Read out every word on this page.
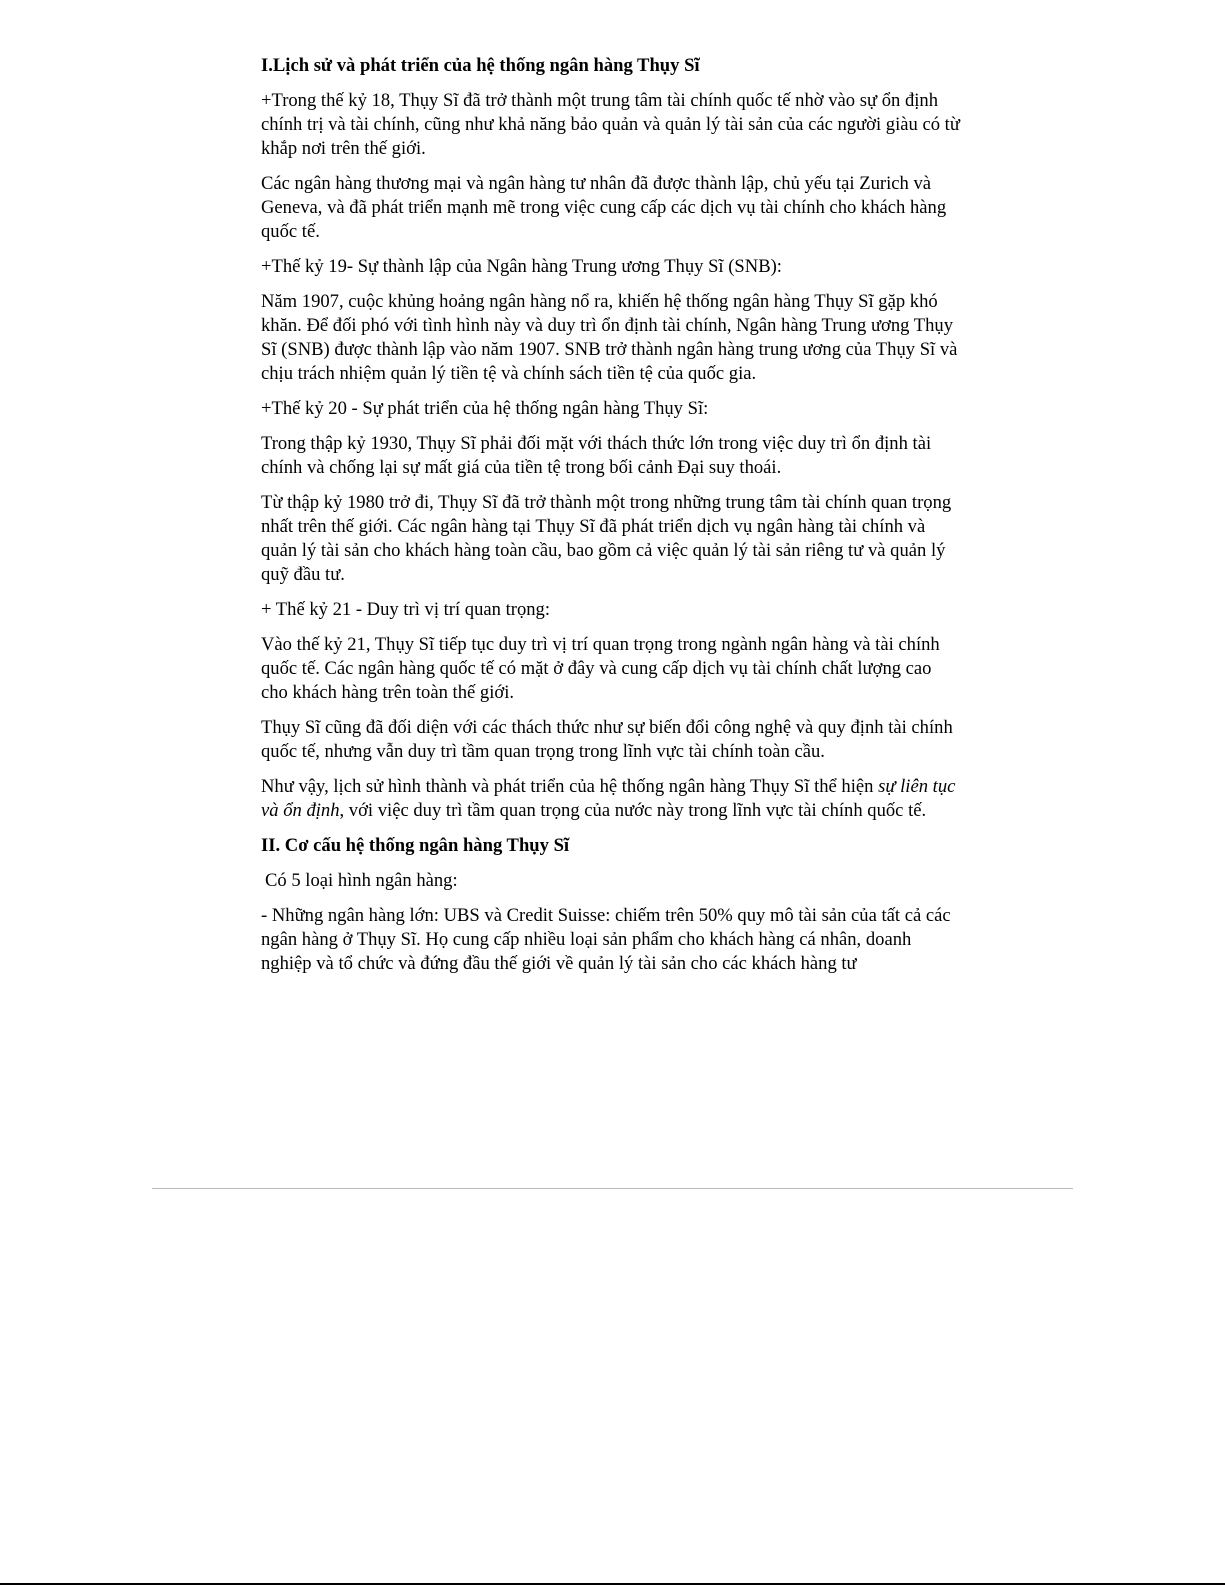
I.Lịch sử và phát triển của hệ thống ngân hàng Thụy Sĩ

+Trong thế kỷ 18, Thụy Sĩ đã trở thành một trung tâm tài chính quốc tế nhờ vào sự ổn định chính trị và tài chính, cũng như khả năng bảo quản và quản lý tài sản của các người giàu có từ khắp nơi trên thế giới.

Các ngân hàng thương mại và ngân hàng tư nhân đã được thành lập, chủ yếu tại Zurich và Geneva, và đã phát triển mạnh mẽ trong việc cung cấp các dịch vụ tài chính cho khách hàng quốc tế.

+Thế kỷ 19- Sự thành lập của Ngân hàng Trung ương Thụy Sĩ (SNB):

Năm 1907, cuộc khủng hoảng ngân hàng nổ ra, khiến hệ thống ngân hàng Thụy Sĩ gặp khó khăn. Để đối phó với tình hình này và duy trì ổn định tài chính, Ngân hàng Trung ương Thụy Sĩ (SNB) được thành lập vào năm 1907. SNB trở thành ngân hàng trung ương của Thụy Sĩ và chịu trách nhiệm quản lý tiền tệ và chính sách tiền tệ của quốc gia.

+Thế kỷ 20 - Sự phát triển của hệ thống ngân hàng Thụy Sĩ:

Trong thập kỷ 1930, Thụy Sĩ phải đối mặt với thách thức lớn trong việc duy trì ổn định tài chính và chống lại sự mất giá của tiền tệ trong bối cảnh Đại suy thoái.

Từ thập kỷ 1980 trở đi, Thụy Sĩ đã trở thành một trong những trung tâm tài chính quan trọng nhất trên thế giới. Các ngân hàng tại Thụy Sĩ đã phát triển dịch vụ ngân hàng tài chính và quản lý tài sản cho khách hàng toàn cầu, bao gồm cả việc quản lý tài sản riêng tư và quản lý quỹ đầu tư.

+ Thế kỷ 21 - Duy trì vị trí quan trọng:

Vào thế kỷ 21, Thụy Sĩ tiếp tục duy trì vị trí quan trọng trong ngành ngân hàng và tài chính quốc tế. Các ngân hàng quốc tế có mặt ở đây và cung cấp dịch vụ tài chính chất lượng cao cho khách hàng trên toàn thế giới.

Thụy Sĩ cũng đã đối diện với các thách thức như sự biến đổi công nghệ và quy định tài chính quốc tế, nhưng vẫn duy trì tầm quan trọng trong lĩnh vực tài chính toàn cầu.

Như vậy, lịch sử hình thành và phát triển của hệ thống ngân hàng Thụy Sĩ thể hiện sự liên tục và ổn định, với việc duy trì tầm quan trọng của nước này trong lĩnh vực tài chính quốc tế.

II. Cơ cấu hệ thống ngân hàng Thụy Sĩ

Có 5 loại hình ngân hàng:

- Những ngân hàng lớn: UBS và Credit Suisse: chiếm trên 50% quy mô tài sản của tất cả các ngân hàng ở Thụy Sĩ. Họ cung cấp nhiều loại sản phẩm cho khách hàng cá nhân, doanh nghiệp và tổ chức và đứng đầu thế giới về quản lý tài sản cho các khách hàng tư
